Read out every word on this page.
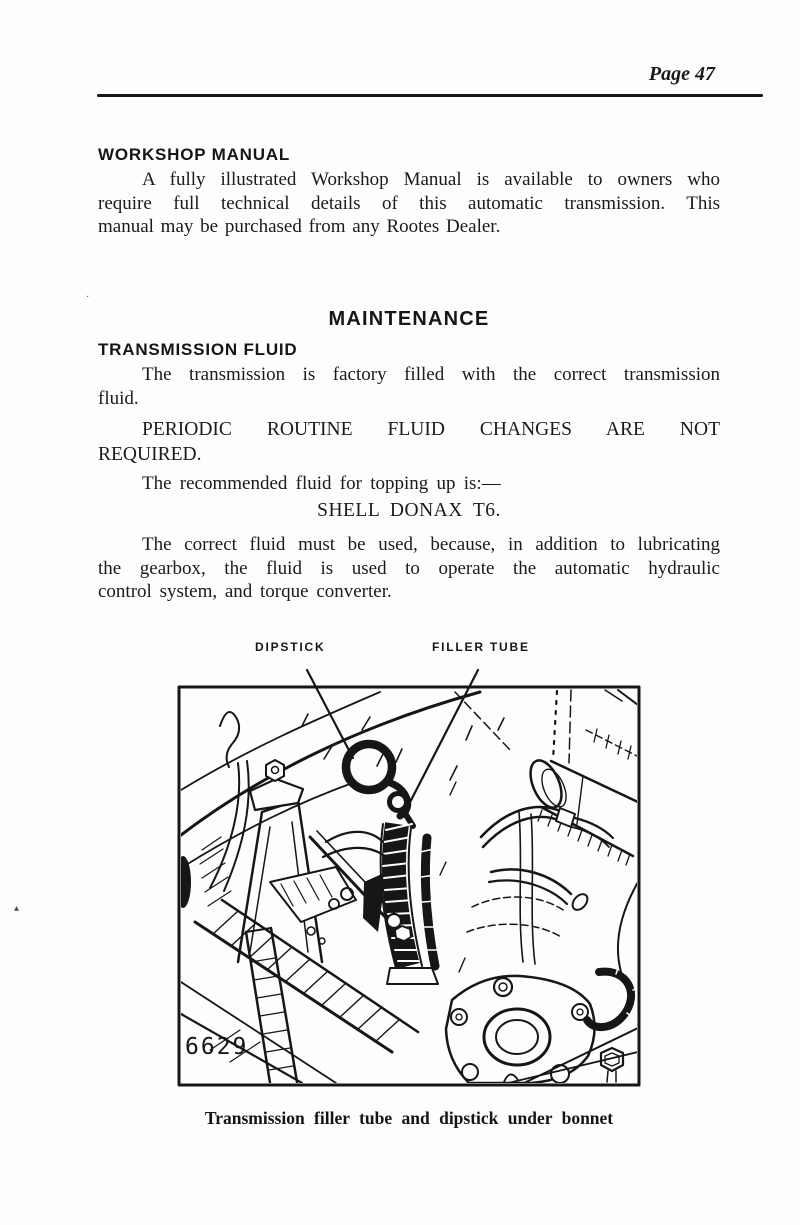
Page 47
WORKSHOP MANUAL
A fully illustrated Workshop Manual is available to owners who
require full technical details of this automatic transmission. This
manual may be purchased from any Rootes Dealer.
MAINTENANCE
TRANSMISSION FLUID
The transmission is factory filled with the correct transmission
fluid.
PERIODIC ROUTINE FLUID CHANGES ARE NOT
REQUIRED.
The recommended fluid for topping up is:—
SHELL DONAX T6.
The correct fluid must be used, because, in addition to lubricating
the gearbox, the fluid is used to operate the automatic hydraulic
control system, and torque converter.
DIPSTICK	FILLER TUBE
6629
Transmission filler tube and dipstick under bonnet
·
▴
